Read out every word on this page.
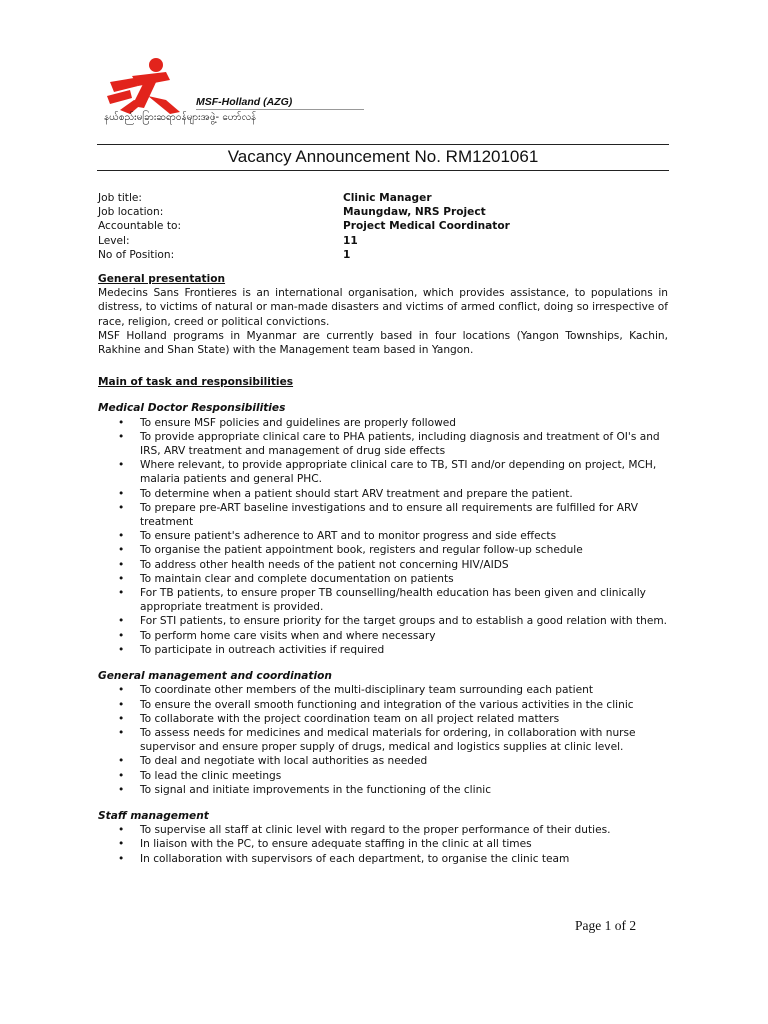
MSF-Holland (AZG)
နယ်စည်းမခြားဆရာဝန်များအဖွဲ့- ဟော်လန်
Vacancy Announcement No. RM1201061
Job title:	Clinic Manager
Job location:	Maungdaw, NRS Project
Accountable to:	Project Medical Coordinator
Level:	11
No of Position:	1
General presentation
Medecins Sans Frontieres is an international organisation, which provides assistance, to populations in distress, to victims of natural or man-made disasters and victims of armed conflict, doing so irrespective of race, religion, creed or political convictions.
MSF Holland programs in Myanmar are currently based in four locations (Yangon Townships, Kachin, Rakhine and Shan State) with the Management team based in Yangon.
Main of task and responsibilities
Medical Doctor Responsibilities
• To ensure MSF policies and guidelines are properly followed
• To provide appropriate clinical care to PHA patients, including diagnosis and treatment of OI's and IRS, ARV treatment and management of drug side effects
• Where relevant, to provide appropriate clinical care to TB, STI and/or depending on project, MCH, malaria patients and general PHC.
• To determine when a patient should start ARV treatment and prepare the patient.
• To prepare pre-ART baseline investigations and to ensure all requirements are fulfilled for ARV treatment
• To ensure patient's adherence to ART and to monitor progress and side effects
• To organise the patient appointment book, registers and regular follow-up schedule
• To address other health needs of the patient not concerning HIV/AIDS
• To maintain clear and complete documentation on patients
• For TB patients, to ensure proper TB counselling/health education has been given and clinically appropriate treatment is provided.
• For STI patients, to ensure priority for the target groups and to establish a good relation with them.
• To perform home care visits when and where necessary
• To participate in outreach activities if required
General management and coordination
• To coordinate other members of the multi-disciplinary team surrounding each patient
• To ensure the overall smooth functioning and integration of the various activities in the clinic
• To collaborate with the project coordination team on all project related matters
• To assess needs for medicines and medical materials for ordering, in collaboration with nurse supervisor and ensure proper supply of drugs, medical and logistics supplies at clinic level.
• To deal and negotiate with local authorities as needed
• To lead the clinic meetings
• To signal and initiate improvements in the functioning of the clinic
Staff management
• To supervise all staff at clinic level with regard to the proper performance of their duties.
• In liaison with the PC, to ensure adequate staffing in the clinic at all times
• In collaboration with supervisors of each department, to organise the clinic team
Page 1 of 2
